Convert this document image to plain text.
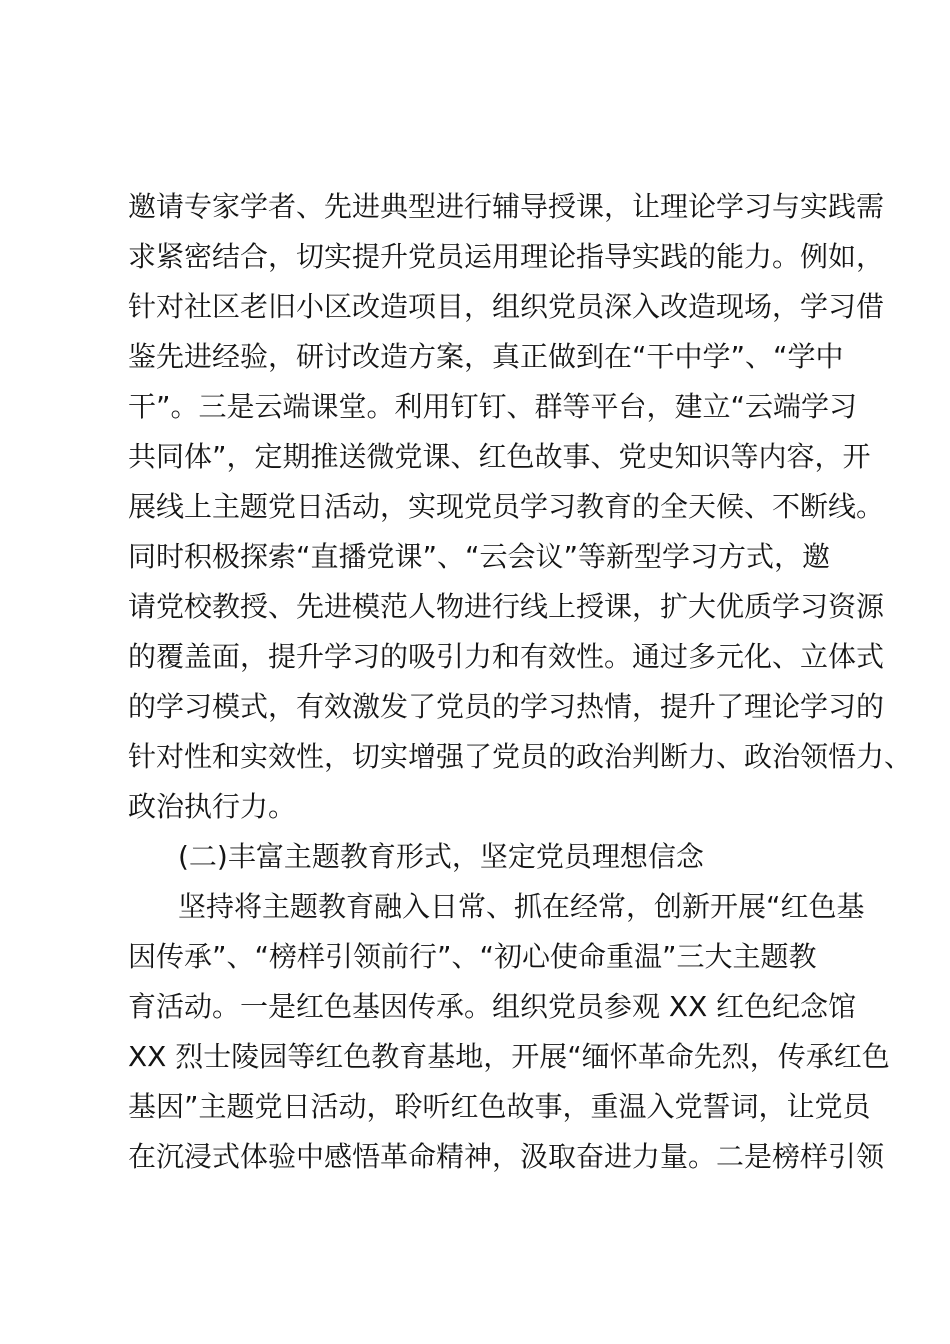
邀请专家学者、先进典型进行辅导授课，让理论学习与实践需
求紧密结合，切实提升党员运用理论指导实践的能力。例如，
针对社区老旧小区改造项目，组织党员深入改造现场，学习借
鉴先进经验，研讨改造方案，真正做到在“干中学”、“学中
干”。三是云端课堂。利用钉钉、群等平台，建立“云端学习
共同体”，定期推送微党课、红色故事、党史知识等内容，开
展线上主题党日活动，实现党员学习教育的全天候、不断线。
同时积极探索“直播党课”、“云会议”等新型学习方式，邀
请党校教授、先进模范人物进行线上授课，扩大优质学习资源
的覆盖面，提升学习的吸引力和有效性。通过多元化、立体式
的学习模式，有效激发了党员的学习热情，提升了理论学习的
针对性和实效性，切实增强了党员的政治判断力、政治领悟力、
政治执行力。
(二)丰富主题教育形式，坚定党员理想信念
坚持将主题教育融入日常、抓在经常，创新开展“红色基
因传承”、“榜样引领前行”、“初心使命重温”三大主题教
育活动。一是红色基因传承。组织党员参观 XX 红色纪念馆
XX 烈士陵园等红色教育基地，开展“缅怀革命先烈，传承红色
基因”主题党日活动，聆听红色故事，重温入党誓词，让党员
在沉浸式体验中感悟革命精神，汲取奋进力量。二是榜样引领
